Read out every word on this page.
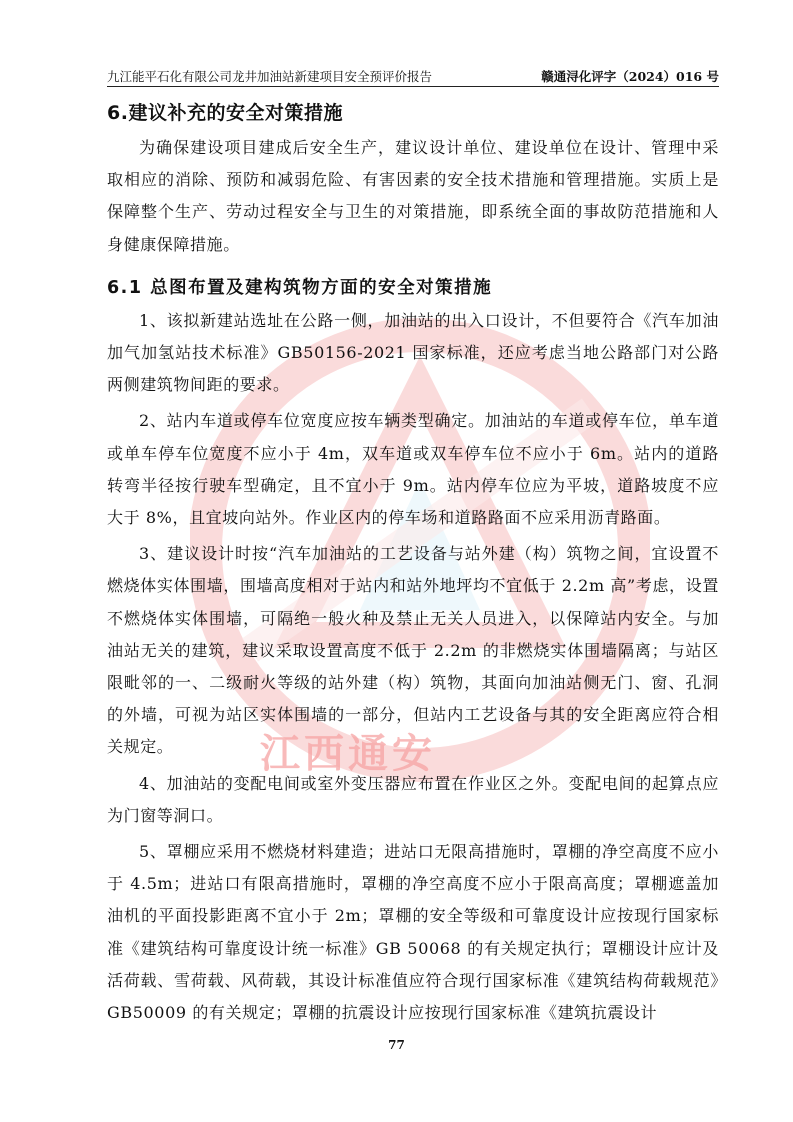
九江能平石化有限公司龙井加油站新建项目安全预评价报告	赣通浔化评字（2024）016 号
江西通安
6.建议补充的安全对策措施

为确保建设项目建成后安全生产，建议设计单位、建设单位在设计、管理中采取相应的消除、预防和减弱危险、有害因素的安全技术措施和管理措施。实质上是保障整个生产、劳动过程安全与卫生的对策措施，即系统全面的事故防范措施和人身健康保障措施。

6.1 总图布置及建构筑物方面的安全对策措施

1、该拟新建站选址在公路一侧，加油站的出入口设计，不但要符合《汽车加油加气加氢站技术标准》GB50156-2021 国家标准，还应考虑当地公路部门对公路两侧建筑物间距的要求。

2、站内车道或停车位宽度应按车辆类型确定。加油站的车道或停车位，单车道或单车停车位宽度不应小于 4m，双车道或双车停车位不应小于 6m。站内的道路转弯半径按行驶车型确定，且不宜小于 9m。站内停车位应为平坡，道路坡度不应大于 8%，且宜坡向站外。作业区内的停车场和道路路面不应采用沥青路面。

3、建议设计时按“汽车加油站的工艺设备与站外建（构）筑物之间，宜设置不燃烧体实体围墙，围墙高度相对于站内和站外地坪均不宜低于 2.2m 高”考虑，设置不燃烧体实体围墙，可隔绝一般火种及禁止无关人员进入，以保障站内安全。与加油站无关的建筑，建议采取设置高度不低于 2.2m 的非燃烧实体围墙隔离；与站区限毗邻的一、二级耐火等级的站外建（构）筑物，其面向加油站侧无门、窗、孔洞的外墙，可视为站区实体围墙的一部分，但站内工艺设备与其的安全距离应符合相关规定。

4、加油站的变配电间或室外变压器应布置在作业区之外。变配电间的起算点应为门窗等洞口。

5、罩棚应采用不燃烧材料建造；进站口无限高措施时，罩棚的净空高度不应小于 4.5m；进站口有限高措施时，罩棚的净空高度不应小于限高高度；罩棚遮盖加油机的平面投影距离不宜小于 2m；罩棚的安全等级和可靠度设计应按现行国家标准《建筑结构可靠度设计统一标准》GB 50068 的有关规定执行；罩棚设计应计及活荷载、雪荷载、风荷载，其设计标准值应符合现行国家标准《建筑结构荷载规范》GB50009 的有关规定；罩棚的抗震设计应按现行国家标准《建筑抗震设计

77
